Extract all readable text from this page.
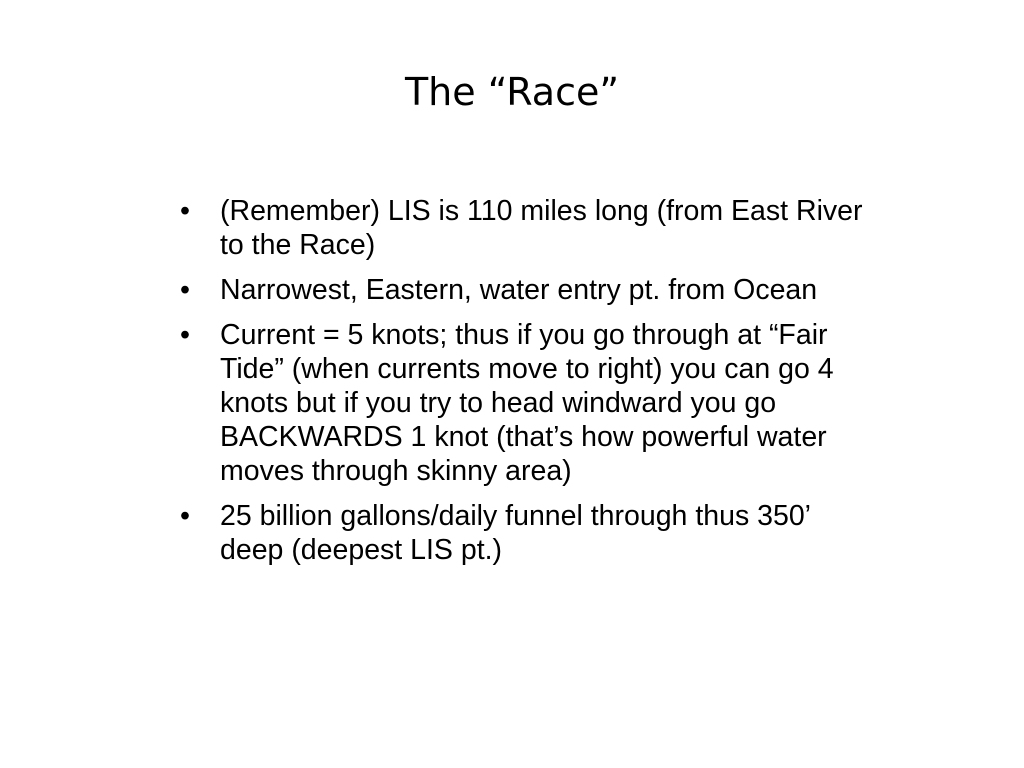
The “Race”
•	(Remember) LIS is 110 miles long (from East River to the Race)
•	Narrowest, Eastern, water entry pt. from Ocean
•	Current = 5 knots; thus if you go through at “Fair Tide” (when currents move to right) you can go 4 knots but if you try to head windward you go BACKWARDS 1 knot (that’s how powerful water moves through skinny area)
•	25 billion gallons/daily funnel through thus 350’ deep (deepest LIS pt.)
